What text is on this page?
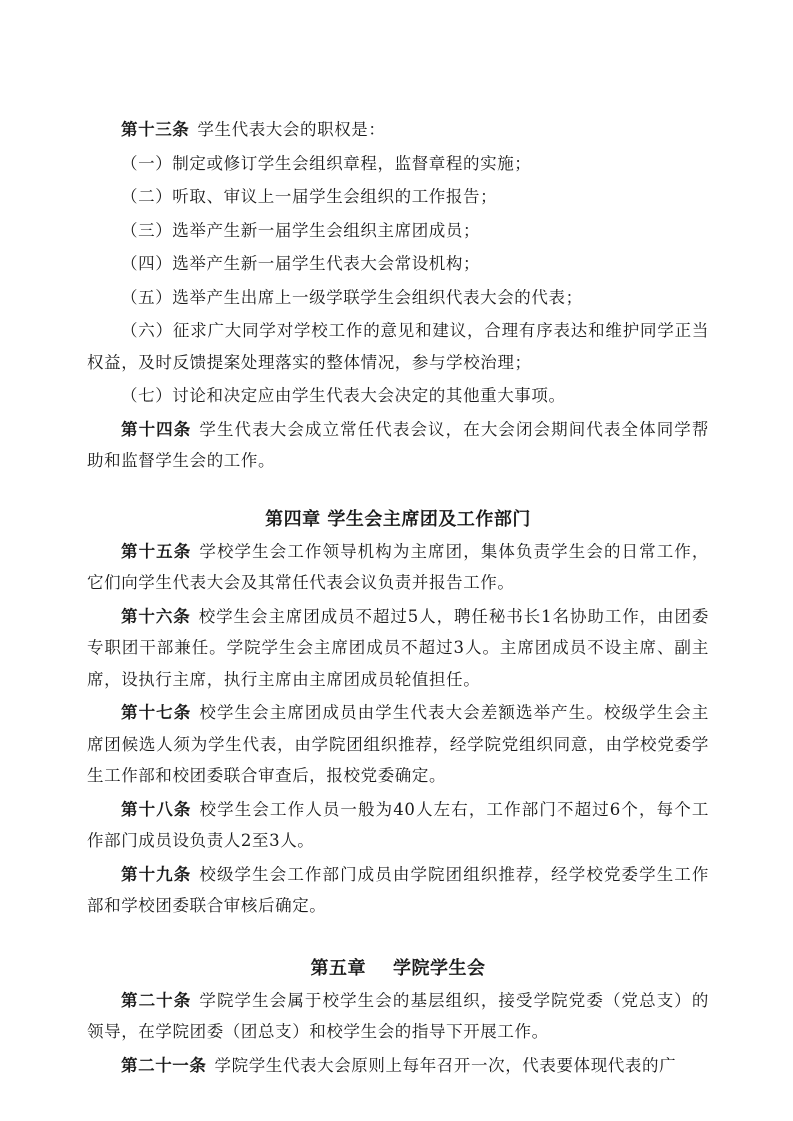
第十三条 学生代表大会的职权是：

（一）制定或修订学生会组织章程，监督章程的实施；

（二）听取、审议上一届学生会组织的工作报告；

（三）选举产生新一届学生会组织主席团成员；

（四）选举产生新一届学生代表大会常设机构；

（五）选举产生出席上一级学联学生会组织代表大会的代表；

（六）征求广大同学对学校工作的意见和建议，合理有序表达和维护同学正当权益，及时反馈提案处理落实的整体情况，参与学校治理；

（七）讨论和决定应由学生代表大会决定的其他重大事项。

第十四条 学生代表大会成立常任代表会议，在大会闭会期间代表全体同学帮助和监督学生会的工作。

第四章 学生会主席团及工作部门

第十五条 学校学生会工作领导机构为主席团，集体负责学生会的日常工作，它们向学生代表大会及其常任代表会议负责并报告工作。

第十六条 校学生会主席团成员不超过5人，聘任秘书长1名协助工作，由团委专职团干部兼任。学院学生会主席团成员不超过3人。主席团成员不设主席、副主席，设执行主席，执行主席由主席团成员轮值担任。

第十七条 校学生会主席团成员由学生代表大会差额选举产生。校级学生会主席团候选人须为学生代表，由学院团组织推荐，经学院党组织同意，由学校党委学生工作部和校团委联合审查后，报校党委确定。

第十八条 校学生会工作人员一般为40人左右，工作部门不超过6个，每个工作部门成员设负责人2至3人。

第十九条 校级学生会工作部门成员由学院团组织推荐，经学校党委学生工作部和学校团委联合审核后确定。

第五章    学院学生会

第二十条 学院学生会属于校学生会的基层组织，接受学院党委（党总支）的领导，在学院团委（团总支）和校学生会的指导下开展工作。

第二十一条 学院学生代表大会原则上每年召开一次，代表要体现代表的广
